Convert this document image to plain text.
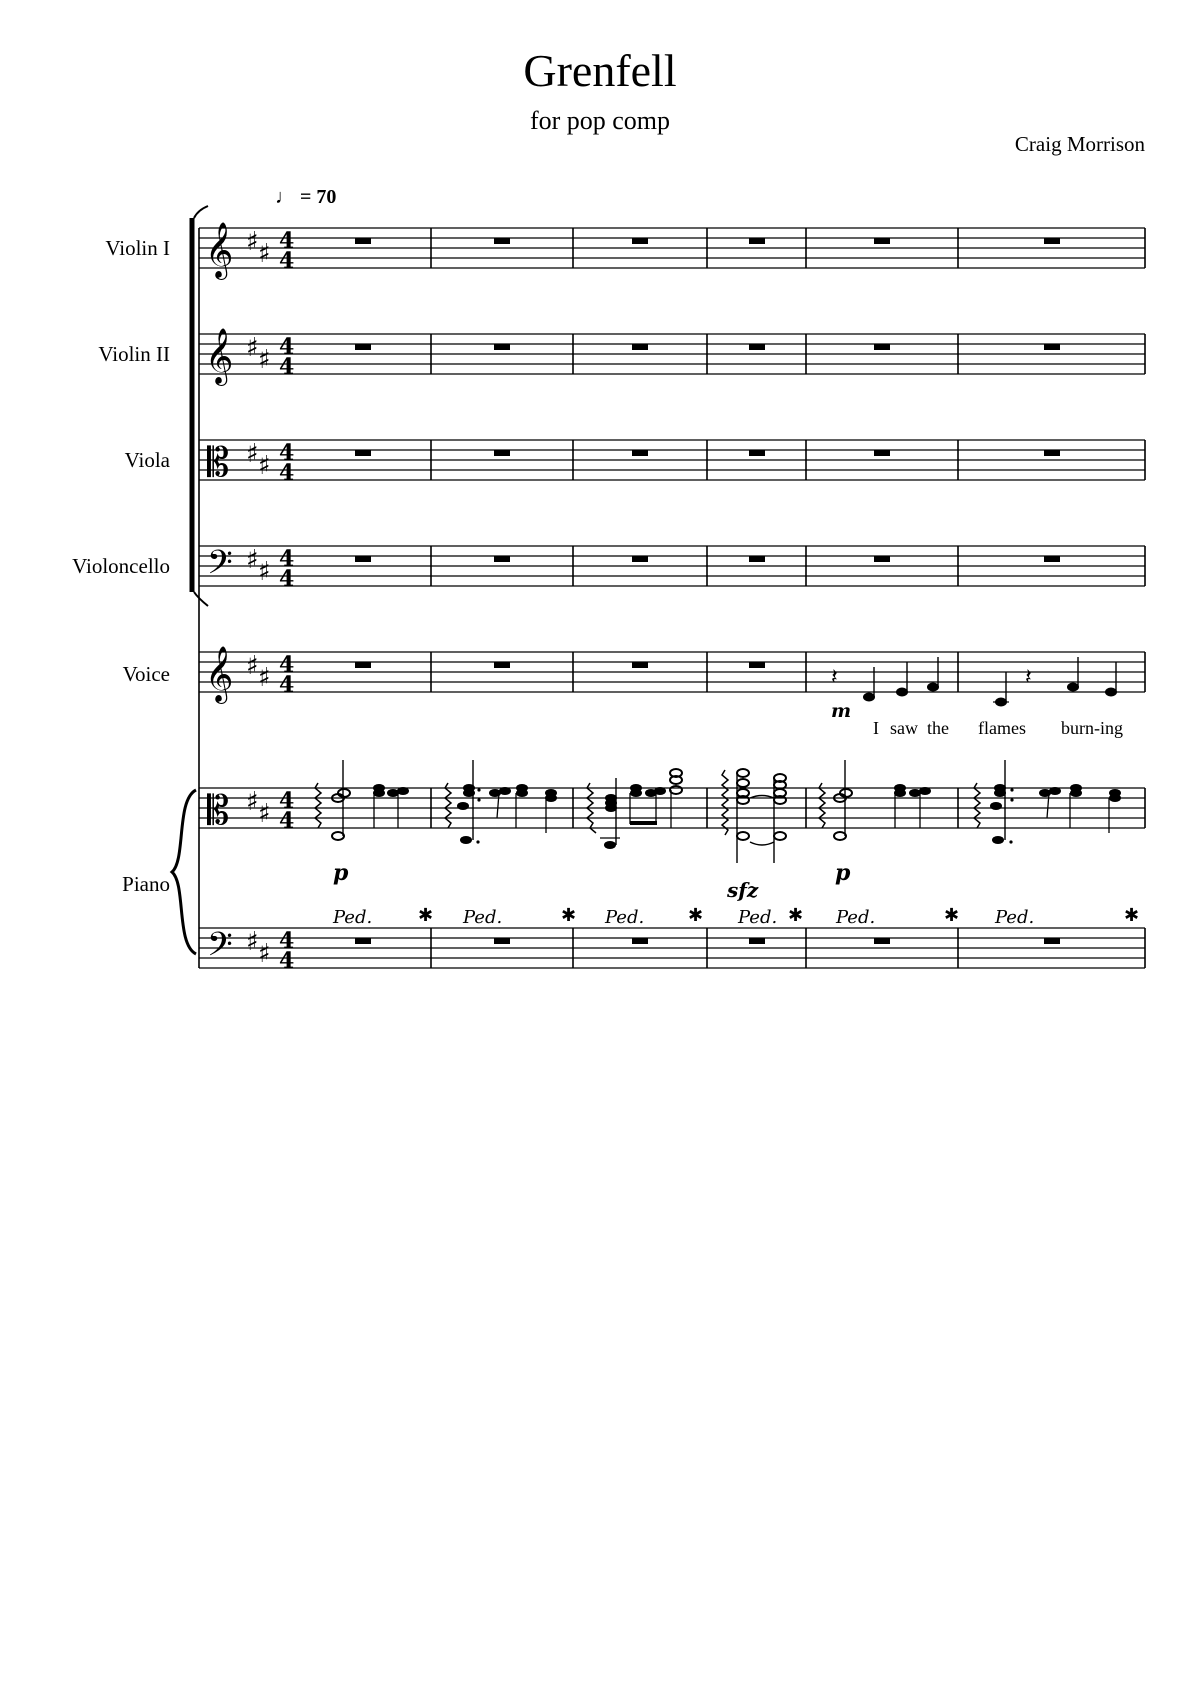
Grenfell
for pop comp
Craig Morrison
♩ = 70
Violin I
Violin II
Viola
Violoncello
Voice
Piano
♯ ♯ 4
4
𝄞
𝄞
𝄡
𝄢
𝄽	𝄽
𝄞
𝄡
𝄢
m
I saw the flames burn-ing
p
sfz
p
Ped.	✱ Ped.	✱ Ped. ✱ Ped. ✱ Ped.	✱ Ped.	✱
